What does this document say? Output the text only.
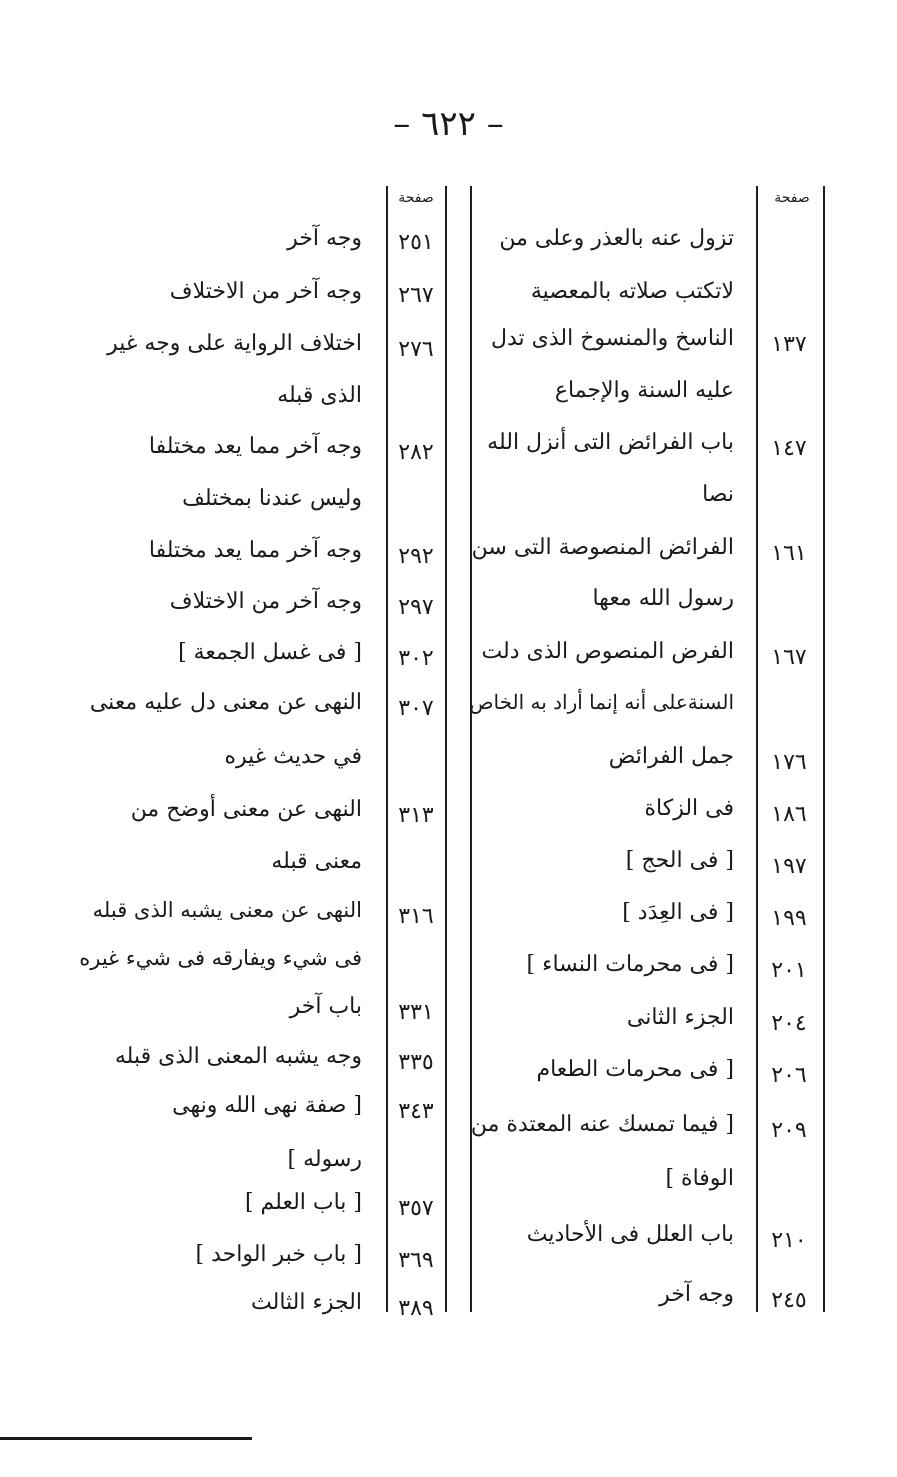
– ٦٢٢ –
صفحة	صفحة
تزول عنه بالعذر وعلى من
لاتكتب صلاته بالمعصية
١٣٧
الناسخ والمنسوخ الذى تدل
عليه السنة والإجماع
١٤٧
باب الفرائض التى أنزل الله
نصا
١٦١
الفرائض المنصوصة التى سن
رسول الله معها
١٦٧
الفرض المنصوص الذى دلت
السنةعلى أنه إنما أراد به الخاص
١٧٦
جمل الفرائض
١٨٦
فى الزكاة
١٩٧
[ فى الحج ]
١٩٩
[ فى العِدَد ]
٢٠١
[ فى محرمات النساء ]
٢٠٤
الجزء الثانى
٢٠٦
[ فى محرمات الطعام
٢٠٩
[ فيما تمسك عنه المعتدة من
الوفاة ]
٢١٠
باب العلل فى الأحاديث
٢٤٥
وجه آخر
٢٥١
وجه آخر
٢٦٧
وجه آخر من الاختلاف
٢٧٦
اختلاف الرواية على وجه غير
الذى قبله
٢٨٢
وجه آخر مما يعد مختلفا
وليس عندنا بمختلف
٢٩٢
وجه آخر مما يعد مختلفا
٢٩٧
وجه آخر من الاختلاف
٣٠٢
[ فى غسل الجمعة ]
٣٠٧
النهى عن معنى دل عليه معنى
في حديث غيره
٣١٣
النهى عن معنى أوضح من
معنى قبله
٣١٦
النهى عن معنى يشبه الذى قبله
فى شيء ويفارقه فى شيء غيره
٣٣١
باب آخر
٣٣٥
وجه يشبه المعنى الذى قبله
٣٤٣
[ صفة نهى الله ونهى
رسوله ]
٣٥٧
[ باب العلم ]
٣٦٩
[ باب خبر الواحد ]
٣٨٩
الجزء الثالث
